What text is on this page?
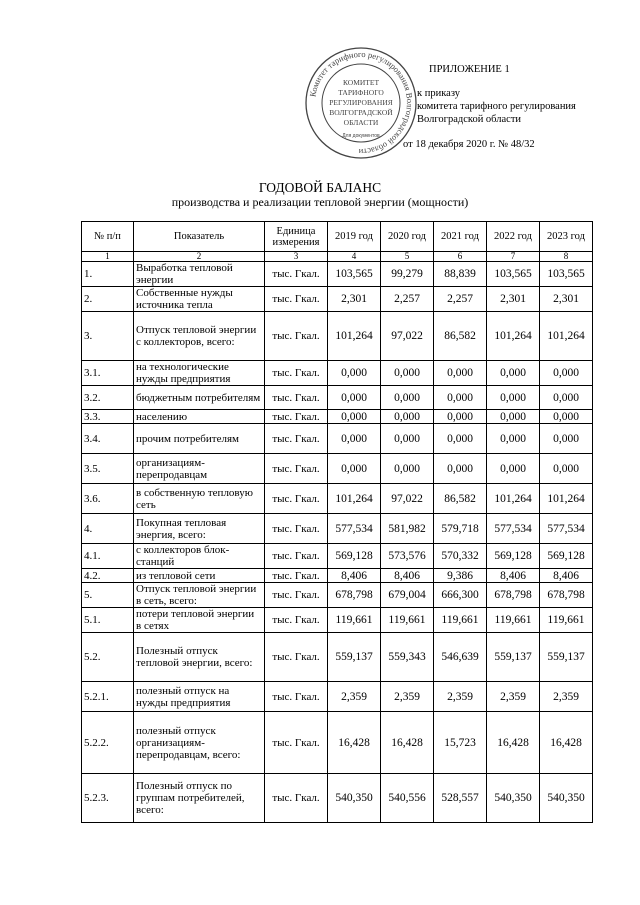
Комитет тарифного регулирования Волгоградской области
КОМИТЕТ
ТАРИФНОГО
РЕГУЛИРОВАНИЯ
ВОЛГОГРАДСКОЙ
ОБЛАСТИ
Для документов
ПРИЛОЖЕНИЕ 1
к приказу
комитета тарифного регулирования
Волгоградской области
от 18 декабря 2020 г. № 48/32
ГОДОВОЙ БАЛАНС
производства и реализации тепловой энергии (мощности)
№ п/п	Показатель	Единица измерения	2019 год	2020 год	2021 год	2022 год	2023 год
1	2	3	4	5	6	7	8
1.	Выработка тепловой энергии	тыс. Гкал.	103,565	99,279	88,839	103,565	103,565
2.	Собственные нужды источника тепла	тыс. Гкал.	2,301	2,257	2,257	2,301	2,301
3.	Отпуск тепловой энергии с коллекторов, всего:	тыс. Гкал.	101,264	97,022	86,582	101,264	101,264
3.1.	на технологические нужды предприятия	тыс. Гкал.	0,000	0,000	0,000	0,000	0,000
3.2.	бюджетным потребителям	тыс. Гкал.	0,000	0,000	0,000	0,000	0,000
3.3.	населению	тыс. Гкал.	0,000	0,000	0,000	0,000	0,000
3.4.	прочим потребителям	тыс. Гкал.	0,000	0,000	0,000	0,000	0,000
3.5.	организациям-перепродавцам	тыс. Гкал.	0,000	0,000	0,000	0,000	0,000
3.6.	в собственную тепловую сеть	тыс. Гкал.	101,264	97,022	86,582	101,264	101,264
4.	Покупная тепловая энергия, всего:	тыс. Гкал.	577,534	581,982	579,718	577,534	577,534
4.1.	с коллекторов блок-станций	тыс. Гкал.	569,128	573,576	570,332	569,128	569,128
4.2.	из тепловой сети	тыс. Гкал.	8,406	8,406	9,386	8,406	8,406
5.	Отпуск тепловой энергии в сеть, всего:	тыс. Гкал.	678,798	679,004	666,300	678,798	678,798
5.1.	потери тепловой энергии в сетях	тыс. Гкал.	119,661	119,661	119,661	119,661	119,661
5.2.	Полезный отпуск тепловой энергии, всего:	тыс. Гкал.	559,137	559,343	546,639	559,137	559,137
5.2.1.	полезный отпуск на нужды предприятия	тыс. Гкал.	2,359	2,359	2,359	2,359	2,359
5.2.2.	полезный отпуск организациям-перепродавцам, всего:	тыс. Гкал.	16,428	16,428	15,723	16,428	16,428
5.2.3.	Полезный отпуск по группам потребителей, всего:	тыс. Гкал.	540,350	540,556	528,557	540,350	540,350
